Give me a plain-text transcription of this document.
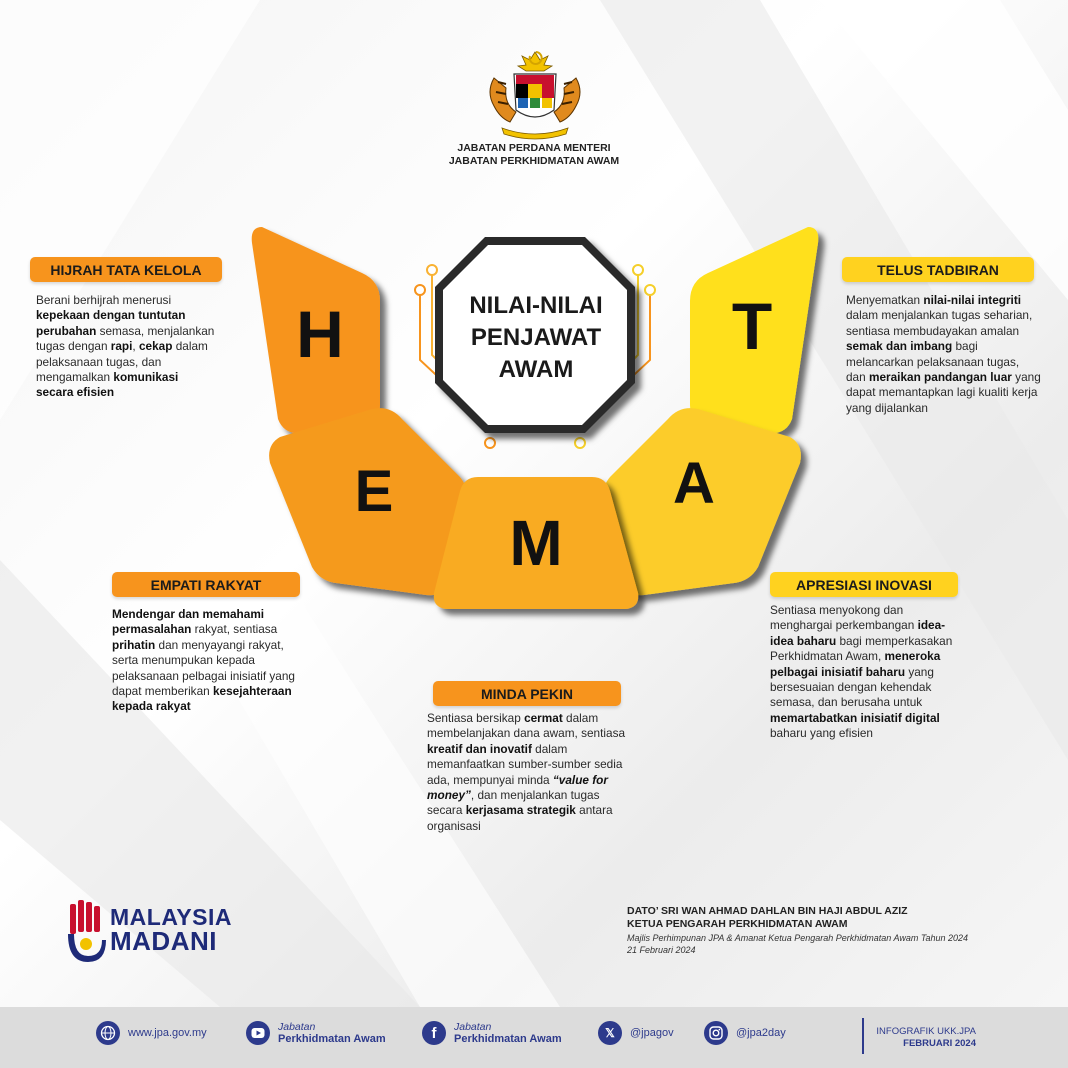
JABATAN PERDANA MENTERI
JABATAN PERKHIDMATAN AWAM
NILAI-NILAI
PENJAWAT
AWAM
H	T
E	A
M
HIJRAH TATA KELOLA
Berani berhijrah menerusi kepekaan dengan tuntutan perubahan semasa, menjalankan tugas dengan rapi, cekap dalam pelaksanaan tugas, dan mengamalkan komunikasi secara efisien
TELUS TADBIRAN
Menyematkan nilai-nilai integriti dalam menjalankan tugas seharian, sentiasa membudayakan amalan semak dan imbang bagi melancarkan pelaksanaan tugas, dan meraikan pandangan luar yang dapat memantapkan lagi kualiti kerja yang dijalankan
EMPATI RAKYAT
Mendengar dan memahami permasalahan rakyat, sentiasa prihatin dan menyayangi rakyat, serta menumpukan kepada pelaksanaan pelbagai inisiatif yang dapat memberikan kesejahteraan kepada rakyat
APRESIASI INOVASI
Sentiasa menyokong dan menghargai perkembangan idea-idea baharu bagi memperkasakan Perkhidmatan Awam, meneroka pelbagai inisiatif baharu yang bersesuaian dengan kehendak semasa, dan berusaha untuk memartabatkan inisiatif digital baharu yang efisien
MINDA PEKIN
Sentiasa bersikap cermat dalam membelanjakan dana awam, sentiasa kreatif dan inovatif dalam memanfaatkan sumber-sumber sedia ada, mempunyai minda “value for money”, dan menjalankan tugas secara kerjasama strategik antara organisasi
MALAYSIA
MADANI
DATO’ SRI WAN AHMAD DAHLAN BIN HAJI ABDUL AZIZ
KETUA PENGARAH PERKHIDMATAN AWAM
Majlis Perhimpunan JPA & Amanat Ketua Pengarah Perkhidmatan Awam Tahun 2024
21 Februari 2024
www.jpa.gov.my	Jabatan
Perkhidmatan Awam	f	Jabatan
Perkhidmatan Awam	𝕏	@jpagov	@jpa2day	INFOGRAFIK UKK.JPA
FEBRUARI 2024
